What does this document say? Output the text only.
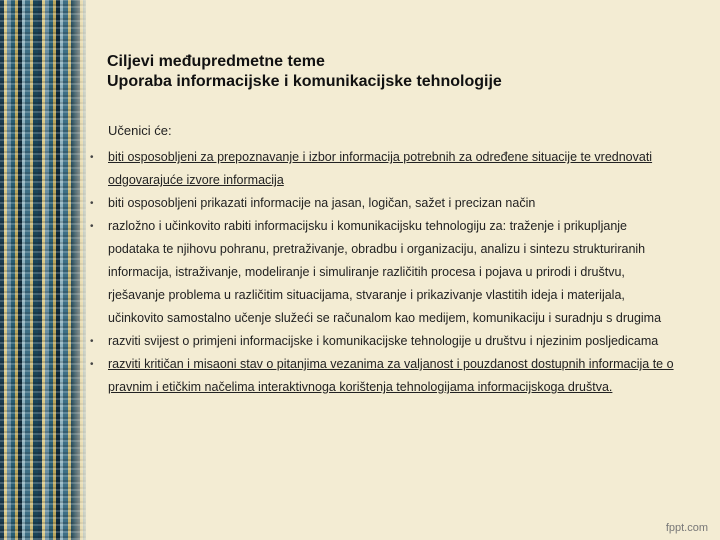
Ciljevi međupredmetne teme
Uporaba informacijske i komunikacijske tehnologije

Učenici će:

• biti osposobljeni za prepoznavanje i izbor informacija potrebnih za određene situacije te vrednovati odgovarajuće izvore informacija
• biti osposobljeni prikazati informacije na jasan, logičan, sažet i precizan način
• razložno i učinkovito rabiti informacijsku i komunikacijsku tehnologiju za: traženje i prikupljanje podataka te njihovu pohranu, pretraživanje, obradbu i organizaciju, analizu i sintezu strukturiranih informacija, istraživanje, modeliranje i simuliranje različitih procesa i pojava u prirodi i društvu, rješavanje problema u različitim situacijama, stvaranje i prikazivanje vlastitih ideja i materijala, učinkovito samostalno učenje služeći se računalom kao medijem, komunikaciju i suradnju s drugima
• razviti svijest o primjeni informacijske i komunikacijske tehnologije u društvu i njezinim posljedicama
• razviti kritičan i misaoni stav o pitanjima vezanima za valjanost i pouzdanost dostupnih informacija te o pravnim i etičkim načelima interaktivnoga korištenja tehnologijama informacijskoga društva.
fppt.com
